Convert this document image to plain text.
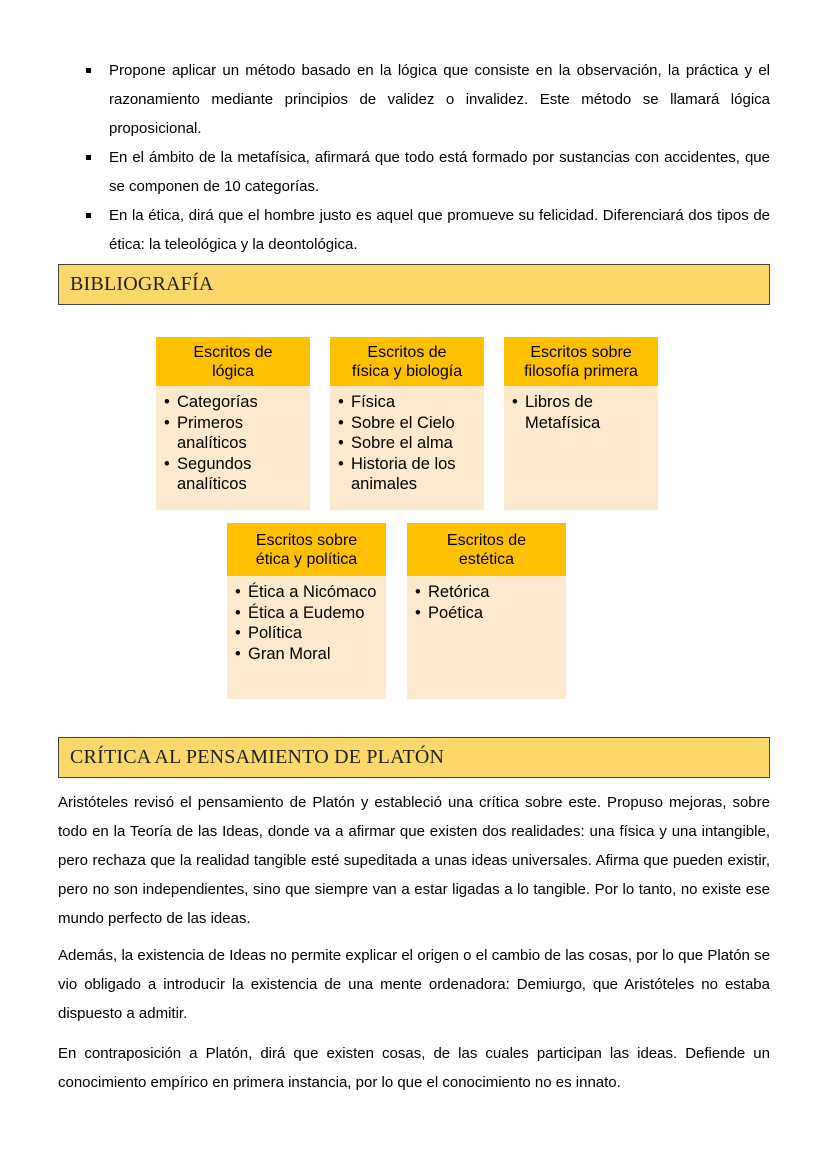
Propone aplicar un método basado en la lógica que consiste en la observación, la práctica y el razonamiento mediante principios de validez o invalidez. Este método se llamará lógica proposicional.
En el ámbito de la metafísica, afirmará que todo está formado por sustancias con accidentes, que se componen de 10 categorías.
En la ética, dirá que el hombre justo es aquel que promueve su felicidad. Diferenciará dos tipos de ética: la teleológica y la deontológica.
BIBLIOGRAFÍA
Escritos de
lógica
• Categorías
• Primeros analíticos
• Segundos analíticos
Escritos de
física y biología
• Física
• Sobre el Cielo
• Sobre el alma
• Historia de los animales
Escritos sobre
filosofía primera
• Libros de Metafísica
Escritos sobre
ética y política
• Ética a Nicómaco
• Ética a Eudemo
• Política
• Gran Moral
Escritos de
estética
• Retórica
• Poética
CRÍTICA AL PENSAMIENTO DE PLATÓN

Aristóteles revisó el pensamiento de Platón y estableció una crítica sobre este. Propuso mejoras, sobre todo en la Teoría de las Ideas, donde va a afirmar que existen dos realidades: una física y una intangible, pero rechaza que la realidad tangible esté supeditada a unas ideas universales. Afirma que pueden existir, pero no son independientes, sino que siempre van a estar ligadas a lo tangible. Por lo tanto, no existe ese mundo perfecto de las ideas.

Además, la existencia de Ideas no permite explicar el origen o el cambio de las cosas, por lo que Platón se vio obligado a introducir la existencia de una mente ordenadora: Demiurgo, que Aristóteles no estaba dispuesto a admitir.

En contraposición a Platón, dirá que existen cosas, de las cuales participan las ideas. Defiende un conocimiento empírico en primera instancia, por lo que el conocimiento no es innato.
